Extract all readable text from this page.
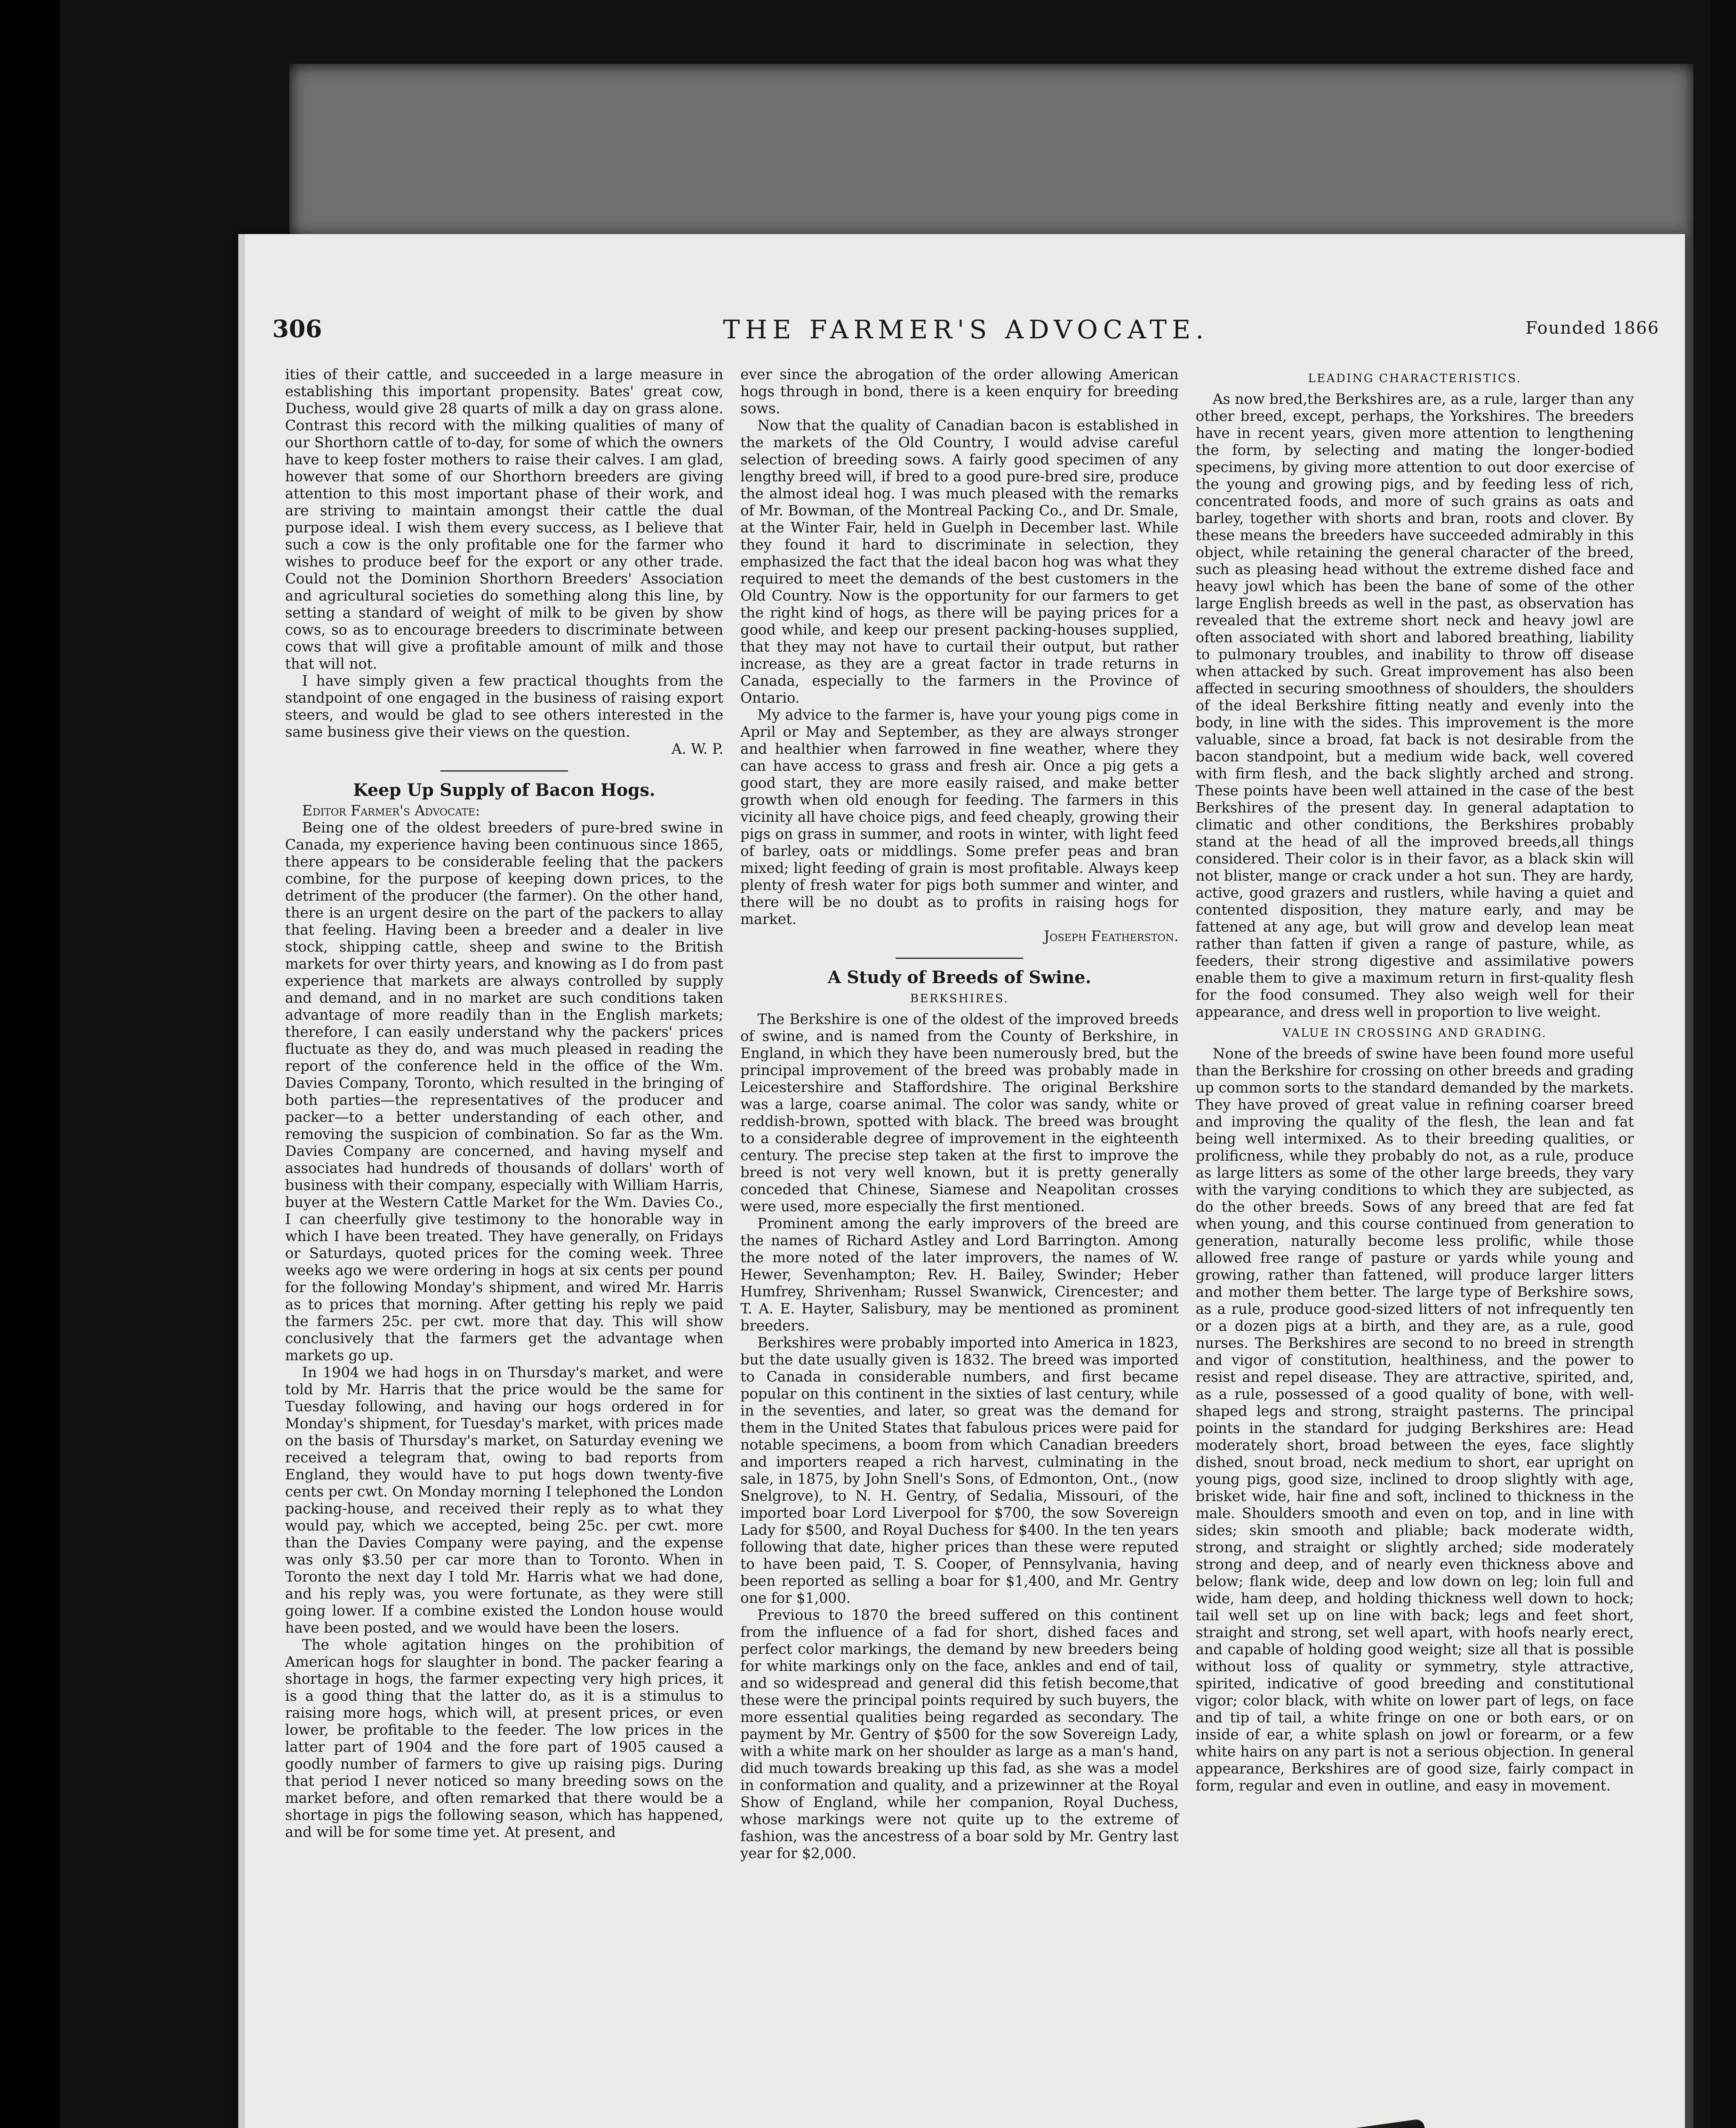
306	THE FARMER'S ADVOCATE.	Founded 1866

ities of their cattle, and succeeded in a large measure in establishing this important propensity. Bates' great cow, Duchess, would give 28 quarts of milk a day on grass alone. Contrast this record with the milking qualities of many of our Shorthorn cattle of to-day, for some of which the owners have to keep foster mothers to raise their calves. I am glad, however that some of our Shorthorn breeders are giving attention to this most important phase of their work, and are striving to maintain amongst their cattle the dual purpose ideal. I wish them every success, as I believe that such a cow is the only profitable one for the farmer who wishes to produce beef for the export or any other trade. Could not the Dominion Shorthorn Breeders' Association and agricultural societies do something along this line, by setting a standard of weight of milk to be given by show cows, so as to encourage breeders to discriminate between cows that will give a profitable amount of milk and those that will not.

I have simply given a few practical thoughts from the standpoint of one engaged in the business of raising export steers, and would be glad to see others interested in the same business give their views on the question.

A. W. P.

Keep Up Supply of Bacon Hogs.

Editor Farmer's Advocate:

Being one of the oldest breeders of pure-bred swine in Canada, my experience having been continuous since 1865, there appears to be considerable feeling that the packers combine, for the purpose of keeping down prices, to the detriment of the producer (the farmer). On the other hand, there is an urgent desire on the part of the packers to allay that feeling. Having been a breeder and a dealer in live stock, shipping cattle, sheep and swine to the British markets for over thirty years, and knowing as I do from past experience that markets are always controlled by supply and demand, and in no market are such conditions taken advantage of more readily than in the English markets; therefore, I can easily understand why the packers' prices fluctuate as they do, and was much pleased in reading the report of the conference held in the office of the Wm. Davies Company, Toronto, which resulted in the bringing of both parties—the representatives of the producer and packer—to a better understanding of each other, and removing the suspicion of combination. So far as the Wm. Davies Company are concerned, and having myself and associates had hundreds of thousands of dollars' worth of business with their company, especially with William Harris, buyer at the Western Cattle Market for the Wm. Davies Co., I can cheerfully give testimony to the honorable way in which I have been treated. They have generally, on Fridays or Saturdays, quoted prices for the coming week. Three weeks ago we were ordering in hogs at six cents per pound for the following Monday's shipment, and wired Mr. Harris as to prices that morning. After getting his reply we paid the farmers 25c. per cwt. more that day. This will show conclusively that the farmers get the advantage when markets go up.

In 1904 we had hogs in on Thursday's market, and were told by Mr. Harris that the price would be the same for Tuesday following, and having our hogs ordered in for Monday's shipment, for Tuesday's market, with prices made on the basis of Thursday's market, on Saturday evening we received a telegram that, owing to bad reports from England, they would have to put hogs down twenty-five cents per cwt. On Monday morning I telephoned the London packing-house, and received their reply as to what they would pay, which we accepted, being 25c. per cwt. more than the Davies Company were paying, and the expense was only $3.50 per car more than to Toronto. When in Toronto the next day I told Mr. Harris what we had done, and his reply was, you were fortunate, as they were still going lower. If a combine existed the London house would have been posted, and we would have been the losers.

The whole agitation hinges on the prohibition of American hogs for slaughter in bond. The packer fearing a shortage in hogs, the farmer expecting very high prices, it is a good thing that the latter do, as it is a stimulus to raising more hogs, which will, at present prices, or even lower, be profitable to the feeder. The low prices in the latter part of 1904 and the fore part of 1905 caused a goodly number of farmers to give up raising pigs. During that period I never noticed so many breeding sows on the market before, and often remarked that there would be a shortage in pigs the following season, which has happened, and will be for some time yet. At present, and

ever since the abrogation of the order allowing American hogs through in bond, there is a keen enquiry for breeding sows.

Now that the quality of Canadian bacon is established in the markets of the Old Country, I would advise careful selection of breeding sows. A fairly good specimen of any lengthy breed will, if bred to a good pure-bred sire, produce the almost ideal hog. I was much pleased with the remarks of Mr. Bowman, of the Montreal Packing Co., and Dr. Smale, at the Winter Fair, held in Guelph in December last. While they found it hard to discriminate in selection, they emphasized the fact that the ideal bacon hog was what they required to meet the demands of the best customers in the Old Country. Now is the opportunity for our farmers to get the right kind of hogs, as there will be paying prices for a good while, and keep our present packing-houses supplied, that they may not have to curtail their output, but rather increase, as they are a great factor in trade returns in Canada, especially to the farmers in the Province of Ontario.

My advice to the farmer is, have your young pigs come in April or May and September, as they are always stronger and healthier when farrowed in fine weather, where they can have access to grass and fresh air. Once a pig gets a good start, they are more easily raised, and make better growth when old enough for feeding. The farmers in this vicinity all have choice pigs, and feed cheaply, growing their pigs on grass in summer, and roots in winter, with light feed of barley, oats or middlings. Some prefer peas and bran mixed; light feeding of grain is most profitable. Always keep plenty of fresh water for pigs both summer and winter, and there will be no doubt as to profits in raising hogs for market.

Joseph Featherston.

A Study of Breeds of Swine.
BERKSHIRES.

The Berkshire is one of the oldest of the improved breeds of swine, and is named from the County of Berkshire, in England, in which they have been numerously bred, but the principal improvement of the breed was probably made in Leicestershire and Staffordshire. The original Berkshire was a large, coarse animal. The color was sandy, white or reddish-brown, spotted with black. The breed was brought to a considerable degree of improvement in the eighteenth century. The precise step taken at the first to improve the breed is not very well known, but it is pretty generally conceded that Chinese, Siamese and Neapolitan crosses were used, more especially the first mentioned.

Prominent among the early improvers of the breed are the names of Richard Astley and Lord Barrington. Among the more noted of the later improvers, the names of W. Hewer, Sevenhampton; Rev. H. Bailey, Swinder; Heber Humfrey, Shrivenham; Russel Swanwick, Cirencester; and T. A. E. Hayter, Salisbury, may be mentioned as prominent breeders.

Berkshires were probably imported into America in 1823, but the date usually given is 1832. The breed was imported to Canada in considerable numbers, and first became popular on this continent in the sixties of last century, while in the seventies, and later, so great was the demand for them in the United States that fabulous prices were paid for notable specimens, a boom from which Canadian breeders and importers reaped a rich harvest, culminating in the sale, in 1875, by John Snell's Sons, of Edmonton, Ont., (now Snelgrove), to N. H. Gentry, of Sedalia, Missouri, of the imported boar Lord Liverpool for $700, the sow Sovereign Lady for $500, and Royal Duchess for $400. In the ten years following that date, higher prices than these were reputed to have been paid, T. S. Cooper, of Pennsylvania, having been reported as selling a boar for $1,400, and Mr. Gentry one for $1,000.

Previous to 1870 the breed suffered on this continent from the influence of a fad for short, dished faces and perfect color markings, the demand by new breeders being for white markings only on the face, ankles and end of tail, and so widespread and general did this fetish become,that these were the principal points required by such buyers, the more essential qualities being regarded as secondary. The payment by Mr. Gentry of $500 for the sow Sovereign Lady, with a white mark on her shoulder as large as a man's hand, did much towards breaking up this fad, as she was a model in conformation and quality, and a prizewinner at the Royal Show of England, while her companion, Royal Duchess, whose markings were not quite up to the extreme of fashion, was the ancestress of a boar sold by Mr. Gentry last year for $2,000.

LEADING CHARACTERISTICS.

As now bred,the Berkshires are, as a rule, larger than any other breed, except, perhaps, the Yorkshires. The breeders have in recent years, given more attention to lengthening the form, by selecting and mating the longer-bodied specimens, by giving more attention to out door exercise of the young and growing pigs, and by feeding less of rich, concentrated foods, and more of such grains as oats and barley, together with shorts and bran, roots and clover. By these means the breeders have succeeded admirably in this object, while retaining the general character of the breed, such as pleasing head without the extreme dished face and heavy jowl which has been the bane of some of the other large English breeds as well in the past, as observation has revealed that the extreme short neck and heavy jowl are often associated with short and labored breathing, liability to pulmonary troubles, and inability to throw off disease when attacked by such. Great improvement has also been affected in securing smoothness of shoulders, the shoulders of the ideal Berkshire fitting neatly and evenly into the body, in line with the sides. This improvement is the more valuable, since a broad, fat back is not desirable from the bacon standpoint, but a medium wide back, well covered with firm flesh, and the back slightly arched and strong. These points have been well attained in the case of the best Berkshires of the present day. In general adaptation to climatic and other conditions, the Berkshires probably stand at the head of all the improved breeds,all things considered. Their color is in their favor, as a black skin will not blister, mange or crack under a hot sun. They are hardy, active, good grazers and rustlers, while having a quiet and contented disposition, they mature early, and may be fattened at any age, but will grow and develop lean meat rather than fatten if given a range of pasture, while, as feeders, their strong digestive and assimilative powers enable them to give a maximum return in first-quality flesh for the food consumed. They also weigh well for their appearance, and dress well in proportion to live weight.

VALUE IN CROSSING AND GRADING.

None of the breeds of swine have been found more useful than the Berkshire for crossing on other breeds and grading up common sorts to the standard demanded by the markets. They have proved of great value in refining coarser breed and improving the quality of the flesh, the lean and fat being well intermixed. As to their breeding qualities, or prolificness, while they probably do not, as a rule, produce as large litters as some of the other large breeds, they vary with the varying conditions to which they are subjected, as do the other breeds. Sows of any breed that are fed fat when young, and this course continued from generation to generation, naturally become less prolific, while those allowed free range of pasture or yards while young and growing, rather than fattened, will produce larger litters and mother them better. The large type of Berkshire sows, as a rule, produce good-sized litters of not infrequently ten or a dozen pigs at a birth, and they are, as a rule, good nurses. The Berkshires are second to no breed in strength and vigor of constitution, healthiness, and the power to resist and repel disease. They are attractive, spirited, and, as a rule, possessed of a good quality of bone, with well-shaped legs and strong, straight pasterns. The principal points in the standard for judging Berkshires are: Head moderately short, broad between the eyes, face slightly dished, snout broad, neck medium to short, ear upright on young pigs, good size, inclined to droop slightly with age, brisket wide, hair fine and soft, inclined to thickness in the male. Shoulders smooth and even on top, and in line with sides; skin smooth and pliable; back moderate width, strong, and straight or slightly arched; side moderately strong and deep, and of nearly even thickness above and below; flank wide, deep and low down on leg; loin full and wide, ham deep, and holding thickness well down to hock; tail well set up on line with back; legs and feet short, straight and strong, set well apart, with hoofs nearly erect, and capable of holding good weight; size all that is possible without loss of quality or symmetry, style attractive, spirited, indicative of good breeding and constitutional vigor; color black, with white on lower part of legs, on face and tip of tail, a white fringe on one or both ears, or on inside of ear, a white splash on jowl or forearm, or a few white hairs on any part is not a serious objection. In general appearance, Berkshires are of good size, fairly compact in form, regular and even in outline, and easy in movement.
